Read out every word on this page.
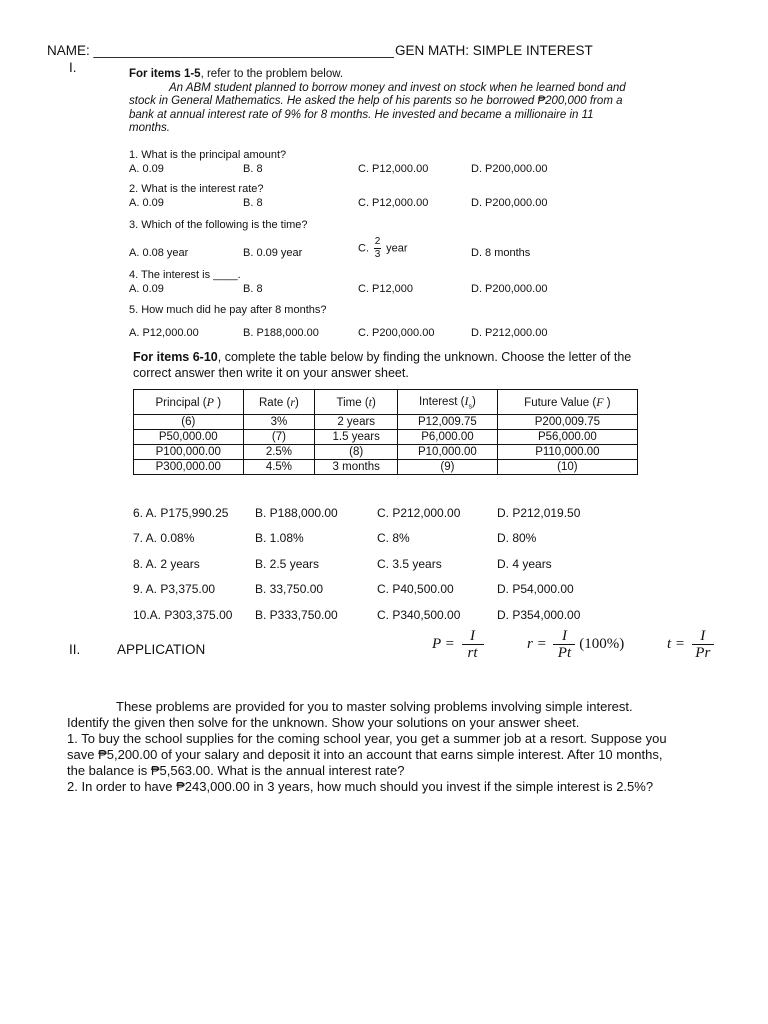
NAME: ________________________________________ GEN MATH: SIMPLE INTEREST
I.	For items 1-5, refer to the problem below.
An ABM student planned to borrow money and invest on stock when he learned bond and stock in General Mathematics. He asked the help of his parents so he borrowed ₱200,000 from a bank at annual interest rate of 9% for 8 months. He invested and became a millionaire in 11 months.
1. What is the principal amount?
A. 0.09	B. 8	C. P12,000.00	D. P200,000.00
2. What is the interest rate?
A. 0.09	B. 8	C. P12,000.00	D. P200,000.00
3. Which of the following is the time?
A. 0.08 year	B. 0.09 year	C. $\frac{2}{3}$ year	D. 8 months
4. The interest is ____.
A. 0.09	B. 8	C. P12,000	D. P200,000.00
5. How much did he pay after 8 months?
A. P12,000.00	B. P188,000.00	C. P200,000.00	D. P212,000.00
For items 6-10, complete the table below by finding the unknown. Choose the letter of the correct answer then write it on your answer sheet.
Principal (P )	Rate (r)	Time (t)	Interest $(I_s)$	Future Value (F )
(6)	3%	2 years	P12,009.75	P200,009.75
P50,000.00	(7)	1.5 years	P6,000.00	P56,000.00
P100,000.00	2.5%	(8)	P10,000.00	P110,000.00
P300,000.00	4.5%	3 months	(9)	(10)
6. A. P175,990.25 B. P188,000.00	C. P212,000.00	D. P212,019.50
7. A. 0.08%	B. 1.08%	C. 8%	D. 80%
8. A. 2 years	B. 2.5 years	C. 3.5 years	D. 4 years
9. A. P3,375.00	B. 33,750.00	C. P40,500.00	D. P54,000.00
10.A. P303,375.00 B. P333,750.00	C. P340,500.00	D. P354,000.00
II.	APPLICATION	$P = \frac{I}{rt}$	$r = \frac{I}{Pt} (100\%)$	$t = \frac{I}{Pr}$
These problems are provided for you to master solving problems involving simple interest. Identify the given then solve for the unknown. Show your solutions on your answer sheet.
1. To buy the school supplies for the coming school year, you get a summer job at a resort. Suppose you save ₱5,200.00 of your salary and deposit it into an account that earns simple interest. After 10 months, the balance is ₱5,563.00. What is the annual interest rate?
2. In order to have ₱243,000.00 in 3 years, how much should you invest if the simple interest is 2.5%?
